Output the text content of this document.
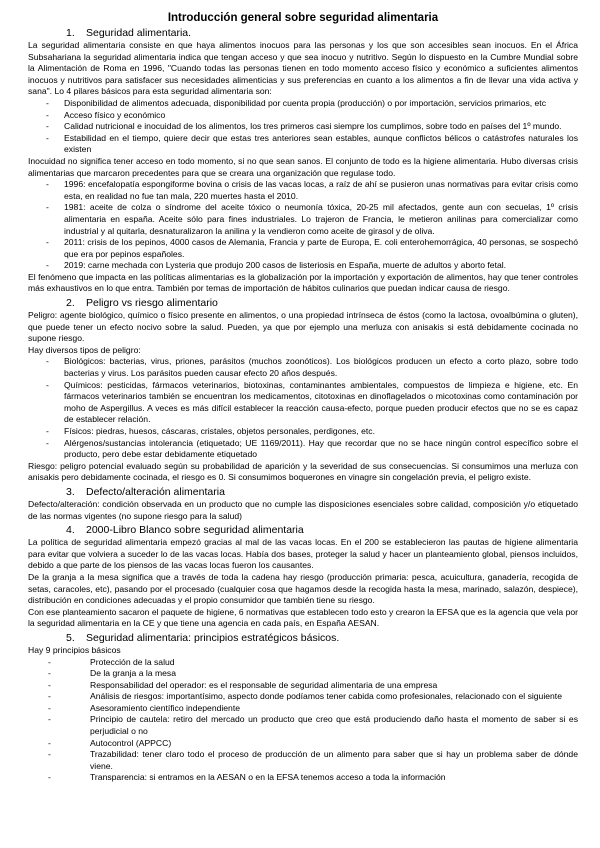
Introducción general sobre seguridad alimentaria
1. Seguridad alimentaria.

La seguridad alimentaria consiste en que haya alimentos inocuos para las personas y los que son accesibles sean inocuos. En el África Subsahariana la seguridad alimentaria indica que tengan acceso y que sea inocuo y nutritivo. Según lo dispuesto en la Cumbre Mundial sobre la Alimentación de Roma en 1996, "Cuando todas las personas tienen en todo momento acceso físico y económico a suficientes alimentos inocuos y nutritivos para satisfacer sus necesidades alimenticias y sus preferencias en cuanto a los alimentos a fin de llevar una vida activa y sana". Lo 4 pilares básicos para esta seguridad alimentaria son:

- Disponibilidad de alimentos adecuada, disponibilidad por cuenta propia (producción) o por importación, servicios primarios, etc
- Acceso físico y económico
- Calidad nutricional e inocuidad de los alimentos, los tres primeros casi siempre los cumplimos, sobre todo en países del 1º mundo.
- Estabilidad en el tiempo, quiere decir que estas tres anteriores sean estables, aunque conflictos bélicos o catástrofes naturales los existen

Inocuidad no significa tener acceso en todo momento, si no que sean sanos. El conjunto de todo es la higiene alimentaria. Hubo diversas crisis alimentarias que marcaron precedentes para que se creara una organización que regulase todo.

- 1996: encefalopatía espongiforme bovina o crisis de las vacas locas, a raíz de ahí se pusieron unas normativas para evitar crisis como esta, en realidad no fue tan mala, 220 muertes hasta el 2010.
- 1981: aceite de colza o síndrome del aceite tóxico o neumonía tóxica, 20-25 mil afectados, gente aun con secuelas, 1º crisis alimentaria en españa. Aceite sólo para fines industriales. Lo trajeron de Francia, le metieron anilinas para comercializar como industrial y al quitarla, desnaturalizaron la anilina y la vendieron como aceite de girasol y de oliva.
- 2011: crisis de los pepinos, 4000 casos de Alemania, Francia y parte de Europa, E. coli enterohemorrágica, 40 personas, se sospechó que era por pepinos españoles.
- 2019: carne mechada con Lysteria que produjo 200 casos de listeriosis en España, muerte de adultos y aborto fetal.

El fenómeno que impacta en las políticas alimentarias es la globalización por la importación y exportación de alimentos, hay que tener controles más exhaustivos en lo que entra. También por temas de importación de hábitos culinarios que puedan indicar causa de riesgo.

2. Peligro vs riesgo alimentario

Peligro: agente biológico, químico o físico presente en alimentos, o una propiedad intrínseca de éstos (como la lactosa, ovoalbúmina o gluten), que puede tener un efecto nocivo sobre la salud. Pueden, ya que por ejemplo una merluza con anisakis si está debidamente cocinada no supone riesgo.

Hay diversos tipos de peligro:

- Biológicos: bacterias, virus, priones, parásitos (muchos zoonóticos). Los biológicos producen un efecto a corto plazo, sobre todo bacterias y virus. Los parásitos pueden causar efecto 20 años después.
- Químicos: pesticidas, fármacos veterinarios, biotoxinas, contaminantes ambientales, compuestos de limpieza e higiene, etc. En fármacos veterinarios también se encuentran los medicamentos, citotoxinas en dinoflagelados o micotoxinas como contaminación por moho de Aspergillus. A veces es más difícil establecer la reacción causa-efecto, porque pueden producir efectos que no se es capaz de establecer relación.
- Físicos: piedras, huesos, cáscaras, cristales, objetos personales, perdigones, etc.
- Alérgenos/sustancias intolerancia (etiquetado; UE 1169/2011). Hay que recordar que no se hace ningún control específico sobre el producto, pero debe estar debidamente etiquetado

Riesgo: peligro potencial evaluado según su probabilidad de aparición y la severidad de sus consecuencias. Si consumimos una merluza con anisakis pero debidamente cocinada, el riesgo es 0. Si consumimos boquerones en vinagre sin congelación previa, el peligro existe.

3. Defecto/alteración alimentaria

Defecto/alteración: condición observada en un producto que no cumple las disposiciones esenciales sobre calidad, composición y/o etiquetado de las normas vigentes (no supone riesgo para la salud)

4. 2000-Libro Blanco sobre seguridad alimentaria

La política de seguridad alimentaria empezó gracias al mal de las vacas locas. En el 200 se establecieron las pautas de higiene alimentaria para evitar que volviera a suceder lo de las vacas locas. Había dos bases, proteger la salud y hacer un planteamiento global, piensos incluidos, debido a que parte de los piensos de las vacas locas fueron los causantes.

De la granja a la mesa significa que a través de toda la cadena hay riesgo (producción primaria: pesca, acuicultura, ganadería, recogida de setas, caracoles, etc), pasando por el procesado (cualquier cosa que hagamos desde la recogida hasta la mesa, marinado, salazón, despiece), distribución en condiciones adecuadas y el propio consumidor que también tiene su riesgo.

Con ese planteamiento sacaron el paquete de higiene, 6 normativas que establecen todo esto y crearon la EFSA que es la agencia que vela por la seguridad alimentaria en la CE y que tiene una agencia en cada país, en España AESAN.

5. Seguridad alimentaria: principios estratégicos básicos.

Hay 9 principios básicos

-	Protección de la salud
-	De la granja a la mesa
-	Responsabilidad del operador: es el responsable de seguridad alimentaria de una empresa
-	Análisis de riesgos: importantísimo, aspecto donde podíamos tener cabida como profesionales, relacionado con el siguiente
-	Asesoramiento científico independiente
-	Principio de cautela: retiro del mercado un producto que creo que está produciendo daño hasta el momento de saber si es perjudicial o no
-	Autocontrol (APPCC)
-	Trazabilidad: tener claro todo el proceso de producción de un alimento para saber que si hay un problema saber de dónde viene.
-	Transparencia: si entramos en la AESAN o en la EFSA tenemos acceso a toda la información
